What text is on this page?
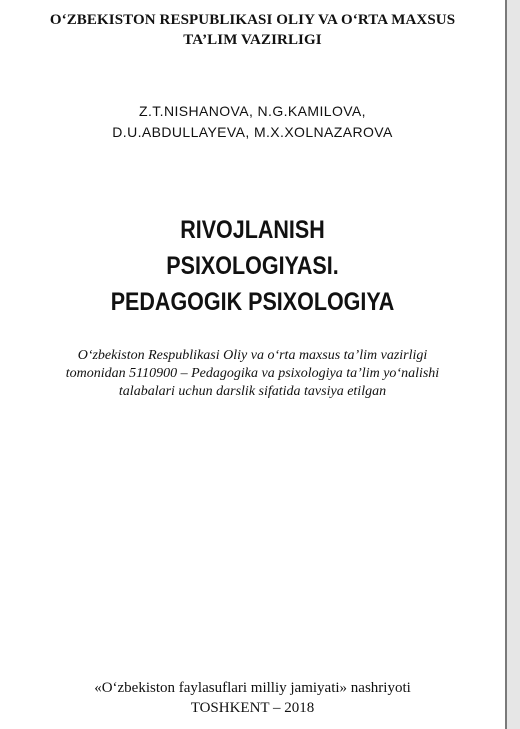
O‘ZBEKISTON RESPUBLIKASI OLIY VA O‘RTA MAXSUS
TA’LIM VAZIRLIGI
Z.T.NISHANOVA, N.G.KAMILOVA,
D.U.ABDULLAYEVA, M.X.XOLNAZAROVA
RIVOJLANISH
PSIXOLOGIYASI.
PEDAGOGIK PSIXOLOGIYA
O‘zbekiston Respublikasi Oliy va o‘rta maxsus ta’lim vazirligi
tomonidan 5110900 – Pedagogika va psixologiya ta’lim yo‘nalishi
talabalari uchun darslik sifatida tavsiya etilgan
«O‘zbekiston faylasuflari milliy jamiyati» nashriyoti
TOSHKENT – 2018
